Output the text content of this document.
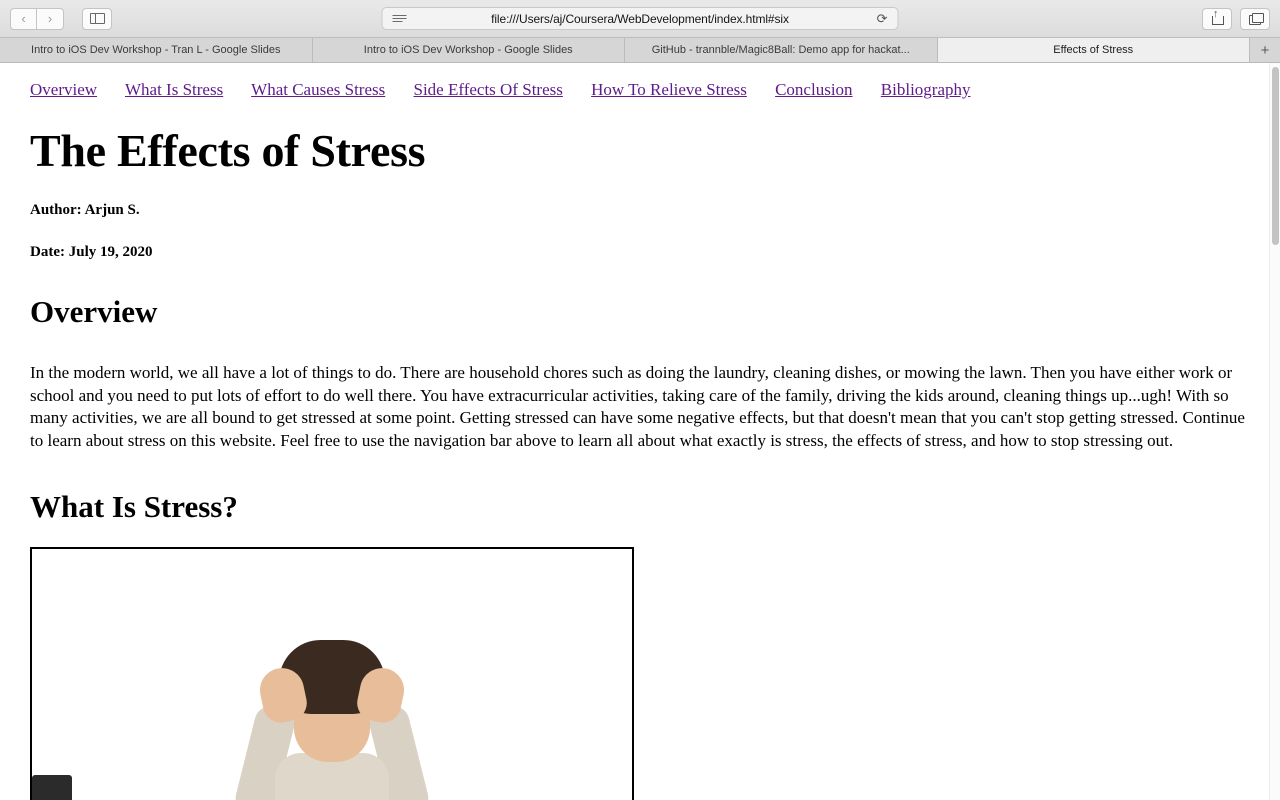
‹ ›	file:///Users/aj/Coursera/WebDevelopment/index.html#six	⟳
↑
Intro to iOS Dev Workshop - Tran L - Google Slides	Intro to iOS Dev Workshop - Google Slides	GitHub - trannble/Magic8Ball: Demo app for hackat...	Effects of Stress	+
Overview What Is Stress What Causes Stress Side Effects Of Stress How To Relieve Stress Conclusion Bibliography
The Effects of Stress
Author: Arjun S.
Date: July 19, 2020
Overview

In the modern world, we all have a lot of things to do. There are household chores such as doing the laundry, cleaning dishes, or mowing the lawn. Then you have either work or school and you need to put lots of effort to do well there. You have extracurricular activities, taking care of the family, driving the kids around, cleaning things up...ugh! With so many activities, we are all bound to get stressed at some point. Getting stressed can have some negative effects, but that doesn't mean that you can't stop getting stressed. Continue to learn about stress on this website. Feel free to use the navigation bar above to learn all about what exactly is stress, the effects of stress, and how to stop stressing out.

What Is Stress?
